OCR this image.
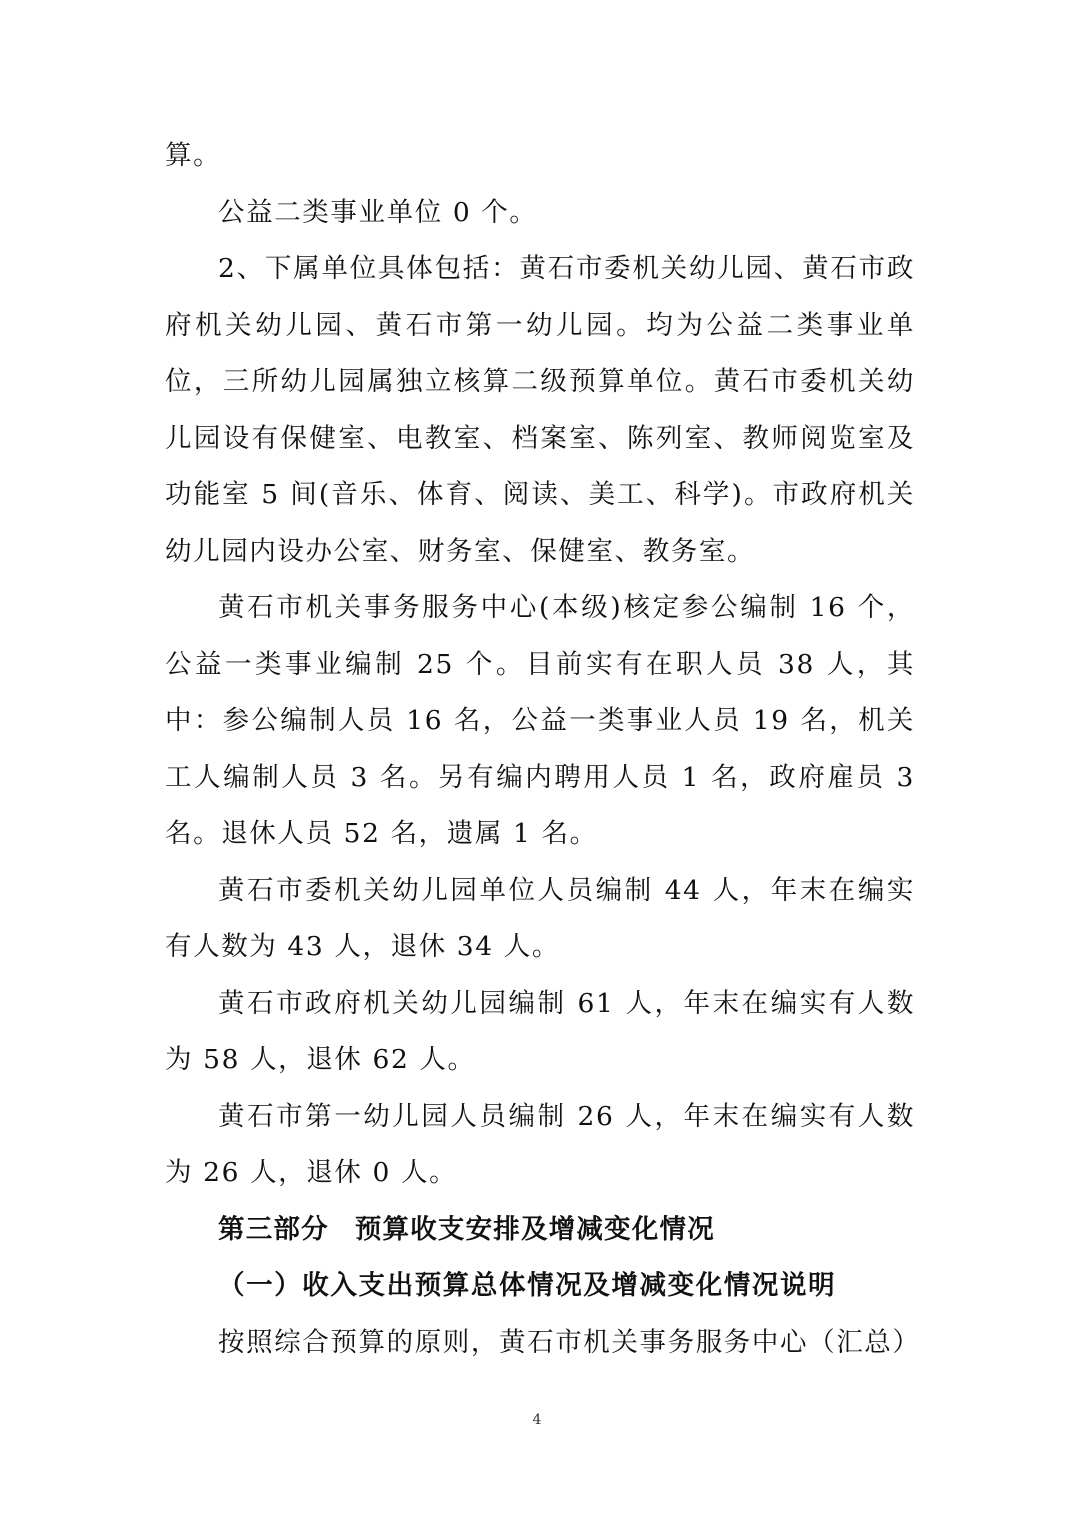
算。

公益二类事业单位 0 个。

2、下属单位具体包括：黄石市委机关幼儿园、黄石市政府机关幼儿园、黄石市第一幼儿园。均为公益二类事业单位，三所幼儿园属独立核算二级预算单位。黄石市委机关幼儿园设有保健室、电教室、档案室、陈列室、教师阅览室及功能室 5 间(音乐、体育、阅读、美工、科学)。市政府机关幼儿园内设办公室、财务室、保健室、教务室。

黄石市机关事务服务中心(本级)核定参公编制 16 个，公益一类事业编制 25 个。目前实有在职人员 38 人，其中：参公编制人员 16 名，公益一类事业人员 19 名，机关工人编制人员 3 名。另有编内聘用人员 1 名，政府雇员 3 名。退休人员 52 名，遗属 1 名。

黄石市委机关幼儿园单位人员编制 44 人，年末在编实有人数为 43 人，退休 34 人。

黄石市政府机关幼儿园编制 61 人，年末在编实有人数为 58 人，退休 62 人。

黄石市第一幼儿园人员编制 26 人，年末在编实有人数为 26 人，退休 0 人。

第三部分 预算收支安排及增减变化情况

（一）收入支出预算总体情况及增减变化情况说明

按照综合预算的原则，黄石市机关事务服务中心（汇总）

4
